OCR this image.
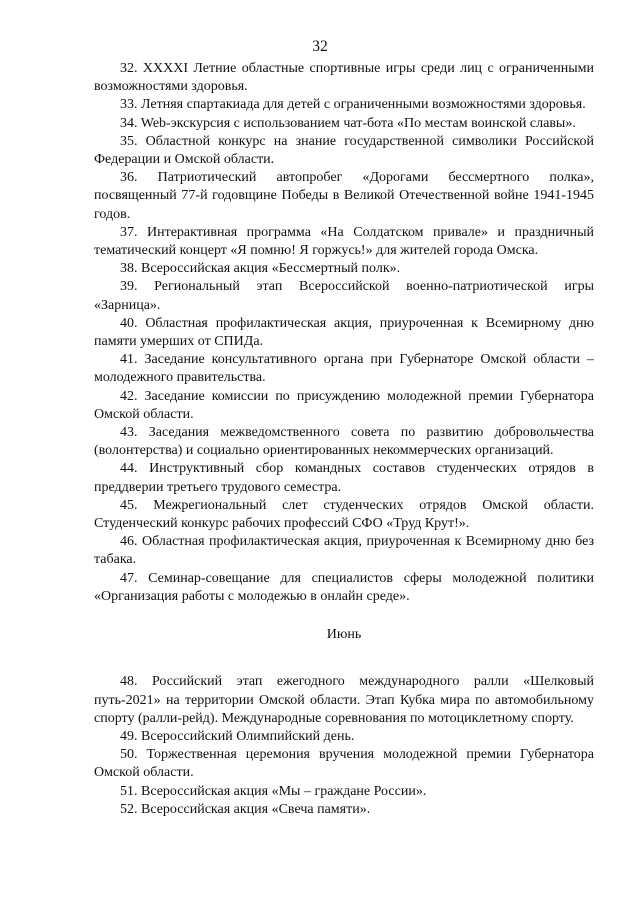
32

32. XXXXI Летние областные спортивные игры среди лиц с ограниченными возможностями здоровья.

33. Летняя спартакиада для детей с ограниченными возможностями здоровья.

34. Web-экскурсия с использованием чат-бота «По местам воинской славы».

35. Областной конкурс на знание государственной символики Российской Федерации и Омской области.

36. Патриотический автопробег «Дорогами бессмертного полка», посвященный 77-й годовщине Победы в Великой Отечественной войне 1941-1945 годов.

37. Интерактивная программа «На Солдатском привале» и праздничный тематический концерт «Я помню! Я горжусь!» для жителей города Омска.

38. Всероссийская акция «Бессмертный полк».

39. Региональный этап Всероссийской военно-патриотической игры «Зарница».

40. Областная профилактическая акция, приуроченная к Всемирному дню памяти умерших от СПИДа.

41. Заседание консультативного органа при Губернаторе Омской области – молодежного правительства.

42. Заседание комиссии по присуждению молодежной премии Губернатора Омской области.

43. Заседания межведомственного совета по развитию добровольчества (волонтерства) и социально ориентированных некоммерческих организаций.

44. Инструктивный сбор командных составов студенческих отрядов в преддверии третьего трудового семестра.

45. Межрегиональный слет студенческих отрядов Омской области. Студенческий конкурс рабочих профессий СФО «Труд Крут!».

46. Областная профилактическая акция, приуроченная к Всемирному дню без табака.

47. Семинар-совещание для специалистов сферы молодежной политики «Организация работы с молодежью в онлайн среде».

Июнь

48. Российский этап ежегодного международного ралли «Шелковый путь-2021» на территории Омской области. Этап Кубка мира по автомобильному спорту (ралли-рейд). Международные соревнования по мотоциклетному спорту.

49. Всероссийский Олимпийский день.

50. Торжественная церемония вручения молодежной премии Губернатора Омской области.

51. Всероссийская акция «Мы – граждане России».

52. Всероссийская акция «Свеча памяти».
